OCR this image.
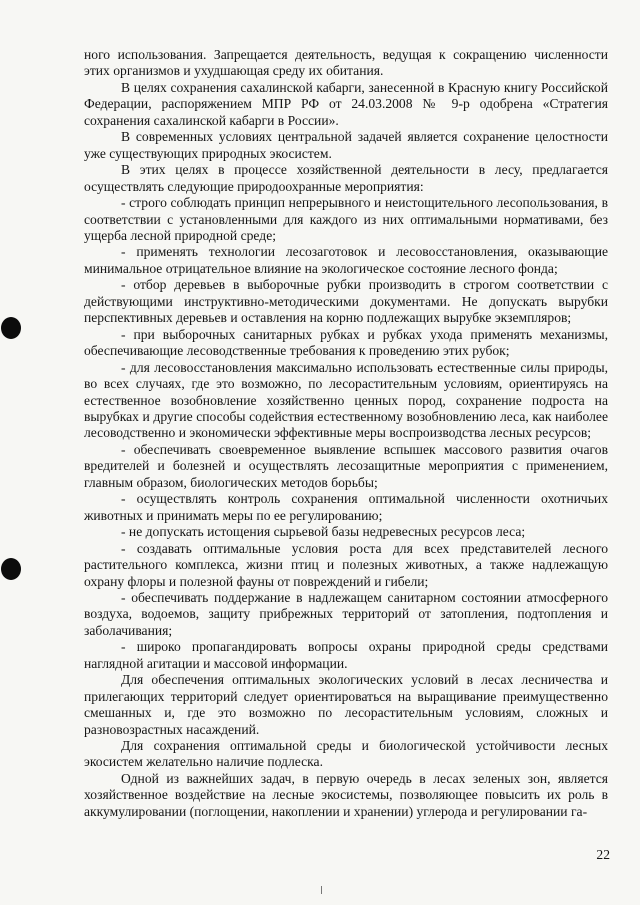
ного использования. Запрещается деятельность, ведущая к сокращению численности этих организмов и ухудшающая среду их обитания.

В целях сохранения сахалинской кабарги, занесенной в Красную книгу Российской Федерации, распоряжением МПР РФ от 24.03.2008 № 9-р одобрена «Стратегия сохранения сахалинской кабарги в России».

В современных условиях центральной задачей является сохранение целостности уже существующих природных экосистем.

В этих целях в процессе хозяйственной деятельности в лесу, предлагается осуществлять следующие природоохранные мероприятия:

- строго соблюдать принцип непрерывного и неистощительного лесопользования, в соответствии с установленными для каждого из них оптимальными нормативами, без ущерба лесной природной среде;

- применять технологии лесозаготовок и лесовосстановления, оказывающие минимальное отрицательное влияние на экологическое состояние лесного фонда;

- отбор деревьев в выборочные рубки производить в строгом соответствии с действующими инструктивно-методическими документами. Не допускать вырубки перспективных деревьев и оставления на корню подлежащих вырубке экземпляров;

- при выборочных санитарных рубках и рубках ухода применять механизмы, обеспечивающие лесоводственные требования к проведению этих рубок;

- для лесовосстановления максимально использовать естественные силы природы, во всех случаях, где это возможно, по лесорастительным условиям, ориентируясь на естественное возобновление хозяйственно ценных пород, сохранение подроста на вырубках и другие способы содействия естественному возобновлению леса, как наиболее лесоводственно и экономически эффективные меры воспроизводства лесных ресурсов;

- обеспечивать своевременное выявление вспышек массового развития очагов вредителей и болезней и осуществлять лесозащитные мероприятия с применением, главным образом, биологических методов борьбы;

- осуществлять контроль сохранения оптимальной численности охотничьих животных и принимать меры по ее регулированию;

- не допускать истощения сырьевой базы недревесных ресурсов леса;

- создавать оптимальные условия роста для всех представителей лесного растительного комплекса, жизни птиц и полезных животных, а также надлежащую охрану флоры и полезной фауны от повреждений и гибели;

- обеспечивать поддержание в надлежащем санитарном состоянии атмосферного воздуха, водоемов, защиту прибрежных территорий от затопления, подтопления и заболачивания;

- широко пропагандировать вопросы охраны природной среды средствами наглядной агитации и массовой информации.

Для обеспечения оптимальных экологических условий в лесах лесничества и прилегающих территорий следует ориентироваться на выращивание преимущественно смешанных и, где это возможно по лесорастительным условиям, сложных и разновозрастных насаждений.

Для сохранения оптимальной среды и биологической устойчивости лесных экосистем желательно наличие подлеска.

Одной из важнейших задач, в первую очередь в лесах зеленых зон, является хозяйственное воздействие на лесные экосистемы, позволяющее повысить их роль в аккумулировании (поглощении, накоплении и хранении) углерода и регулировании га-

22
